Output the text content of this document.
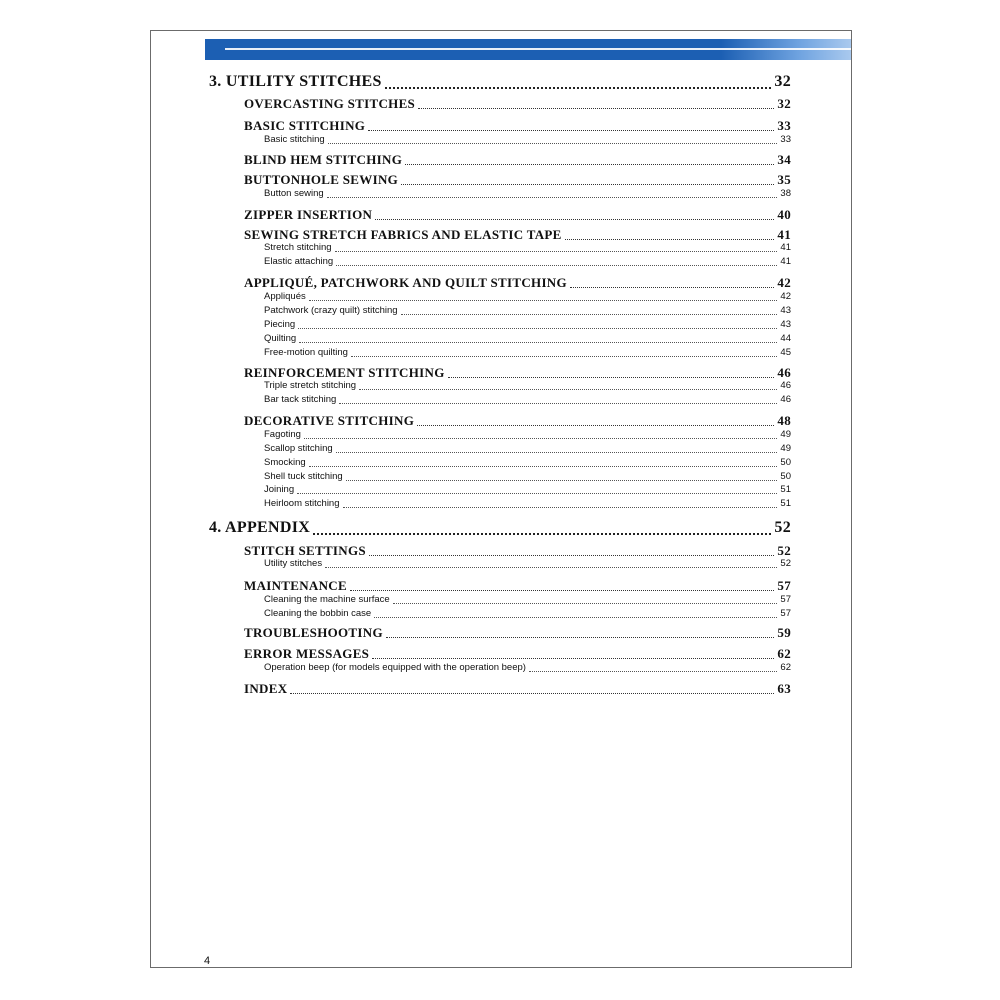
3. UTILITY STITCHES	32
OVERCASTING STITCHES	32
BASIC STITCHING	33
Basic stitching	33
BLIND HEM STITCHING	34
BUTTONHOLE SEWING	35
Button sewing	38
ZIPPER INSERTION	40
SEWING STRETCH FABRICS AND ELASTIC TAPE	41
Stretch stitching	41
Elastic attaching	41
APPLIQUÉ, PATCHWORK AND QUILT STITCHING	42
Appliqués	42
Patchwork (crazy quilt) stitching	43
Piecing	43
Quilting	44
Free-motion quilting	45
REINFORCEMENT STITCHING	46
Triple stretch stitching	46
Bar tack stitching	46
DECORATIVE STITCHING	48
Fagoting	49
Scallop stitching	49
Smocking	50
Shell tuck stitching	50
Joining	51
Heirloom stitching	51
4. APPENDIX	52
STITCH SETTINGS	52
Utility stitches	52
MAINTENANCE	57
Cleaning the machine surface	57
Cleaning the bobbin case	57
TROUBLESHOOTING	59
ERROR MESSAGES	62
Operation beep (for models equipped with the operation beep)	62
INDEX	63
4
